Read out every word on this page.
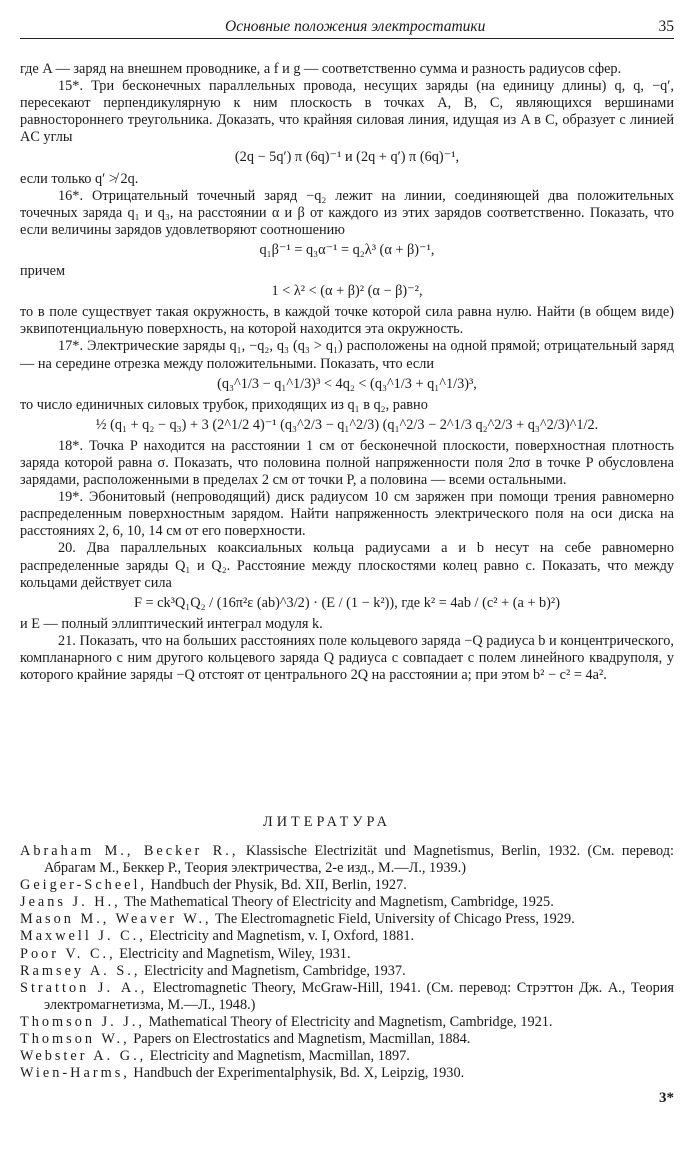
Основные положения электростатики	35

где A — заряд на внешнем проводнике, а f и g — соответственно сумма и разность радиусов сфер.

15*. Три бесконечных параллельных провода, несущих заряды (на единицу длины) q, q, −q′, пересекают перпендикулярную к ним плоскость в точках A, B, C, являющихся вершинами равностороннего треугольника. Доказать, что крайняя силовая линия, идущая из A в C, образует с линией AC углы

(2q − 5q′) π (6q)⁻¹ и (2q + q′) π (6q)⁻¹,

если только q′ ≯ 2q.

16*. Отрицательный точечный заряд −q₂ лежит на линии, соединяющей два положительных точечных заряда q₁ и q₃, на расстоянии α и β от каждого из этих зарядов соответственно. Показать, что если величины зарядов удовлетворяют соотношению

q₁β⁻¹ = q₃α⁻¹ = q₂λ³ (α + β)⁻¹,

причем

1 < λ² < (α + β)² (α − β)⁻²,

то в поле существует такая окружность, в каждой точке которой сила равна нулю. Найти (в общем виде) эквипотенциальную поверхность, на которой находится эта окружность.

17*. Электрические заряды q₁, −q₂, q₃ (q₃ > q₁) расположены на одной прямой; отрицательный заряд — на середине отрезка между положительными. Показать, что если

(q₃^1/3 − q₁^1/3)³ < 4q₂ < (q₃^1/3 + q₁^1/3)³,

то число единичных силовых трубок, приходящих из q₁ в q₂, равно

½ (q₁ + q₂ − q₃) + 3 (2^1/2 4)⁻¹ (q₃^2/3 − q₁^2/3) (q₁^2/3 − 2^1/3 q₂^2/3 + q₃^2/3)^1/2.

18*. Точка P находится на расстоянии 1 см от бесконечной плоскости, поверхностная плотность заряда которой равна σ. Показать, что половина полной напряженности поля 2πσ в точке P обусловлена зарядами, расположенными в пределах 2 см от точки P, а половина — всеми остальными.

19*. Эбонитовый (непроводящий) диск радиусом 10 см заряжен при помощи трения равномерно распределенным поверхностным зарядом. Найти напряженность электрического поля на оси диска на расстояниях 2, 6, 10, 14 см от его поверхности.

20. Два параллельных коаксиальных кольца радиусами a и b несут на себе равномерно распределенные заряды Q₁ и Q₂. Расстояние между плоскостями колец равно c. Показать, что между кольцами действует сила

F = ck³Q₁Q₂ / (16π²ε (ab)^3/2) · (E / (1 − k²)), где k² = 4ab / (c² + (a + b)²)

и E — полный эллиптический интеграл модуля k.

21. Показать, что на больших расстояниях поле кольцевого заряда −Q радиуса b и концентрического, компланарного с ним другого кольцевого заряда Q радиуса c совпадает с полем линейного квадруполя, у которого крайние заряды −Q отстоят от центрального 2Q на расстоянии a; при этом b² − c² = 4a².

ЛИТЕРАТУРА

Abraham M., Becker R., Klassische Electrizität und Magnetismus, Berlin, 1932. (См. перевод: Абрагам М., Беккер Р., Теория электричества, 2-е изд., М.—Л., 1939.)

Geiger-Scheel, Handbuch der Physik, Bd. XII, Berlin, 1927.

Jeans J. H., The Mathematical Theory of Electricity and Magnetism, Cambridge, 1925.

Mason M., Weaver W., The Electromagnetic Field, University of Chicago Press, 1929.

Maxwell J. C., Electricity and Magnetism, v. I, Oxford, 1881.

Poor V. C., Electricity and Magnetism, Wiley, 1931.

Ramsey A. S., Electricity and Magnetism, Cambridge, 1937.

Stratton J. A., Electromagnetic Theory, McGraw-Hill, 1941. (См. перевод: Стрэттон Дж. А., Теория электромагнетизма, М.—Л., 1948.)

Thomson J. J., Mathematical Theory of Electricity and Magnetism, Cambridge, 1921.

Thomson W., Papers on Electrostatics and Magnetism, Macmillan, 1884.

Webster A. G., Electricity and Magnetism, Macmillan, 1897.

Wien-Harms, Handbuch der Experimentalphysik, Bd. X, Leipzig, 1930.

3*
